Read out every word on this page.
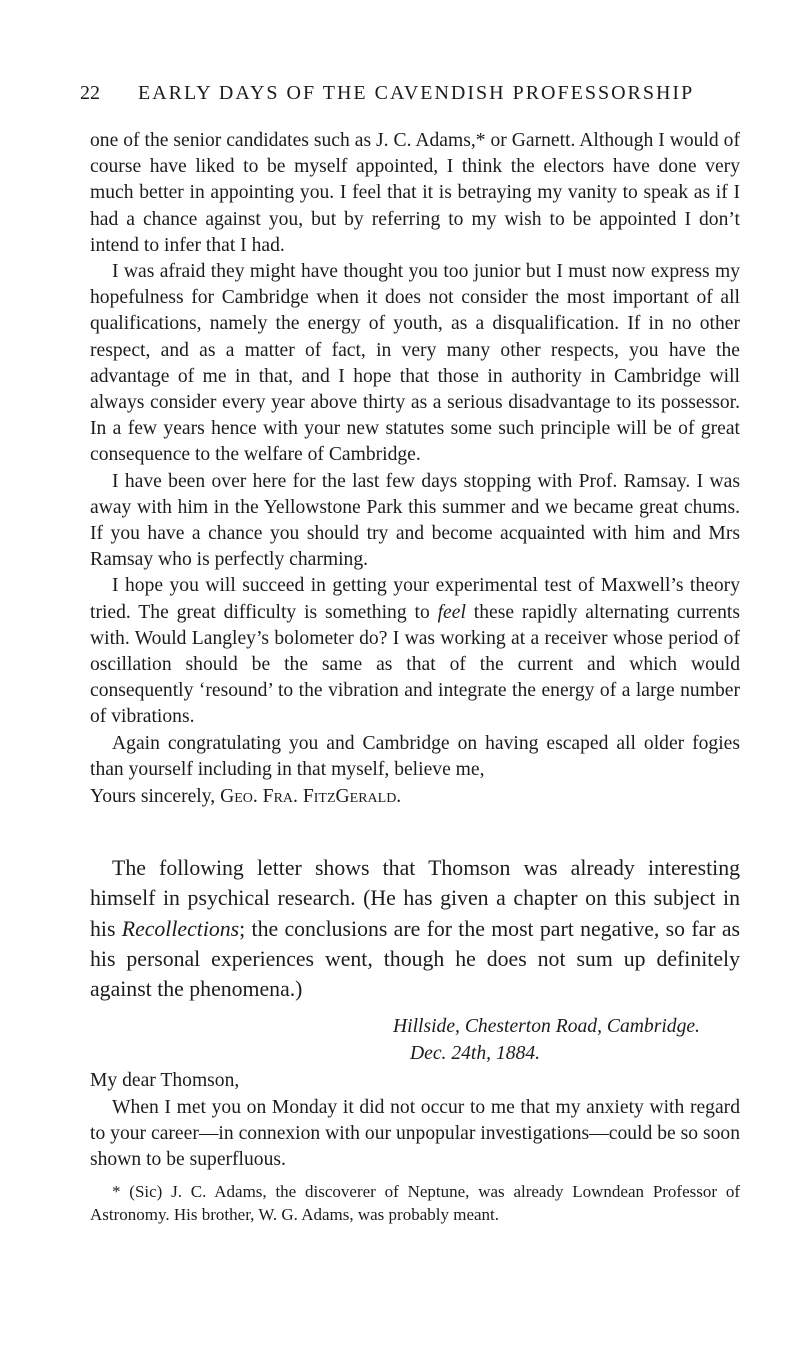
22 EARLY DAYS OF THE CAVENDISH PROFESSORSHIP

one of the senior candidates such as J. C. Adams,* or Garnett. Although I would of course have liked to be myself appointed, I think the electors have done very much better in appointing you. I feel that it is betraying my vanity to speak as if I had a chance against you, but by referring to my wish to be appointed I don’t intend to infer that I had.

I was afraid they might have thought you too junior but I must now express my hopefulness for Cambridge when it does not consider the most important of all qualifications, namely the energy of youth, as a disqualification. If in no other respect, and as a matter of fact, in very many other respects, you have the advantage of me in that, and I hope that those in authority in Cambridge will always consider every year above thirty as a serious disadvantage to its possessor. In a few years hence with your new statutes some such principle will be of great consequence to the welfare of Cambridge.

I have been over here for the last few days stopping with Prof. Ramsay. I was away with him in the Yellowstone Park this summer and we became great chums. If you have a chance you should try and become acquainted with him and Mrs Ramsay who is perfectly charming.

I hope you will succeed in getting your experimental test of Maxwell’s theory tried. The great difficulty is something to feel these rapidly alternating currents with. Would Langley’s bolometer do? I was working at a receiver whose period of oscillation should be the same as that of the current and which would consequently ‘resound’ to the vibration and integrate the energy of a large number of vibrations.

Again congratulating you and Cambridge on having escaped all older fogies than yourself including in that myself, believe me,

Yours sincerely, Geo. Fra. FitzGerald.

The following letter shows that Thomson was already interesting himself in psychical research. (He has given a chapter on this subject in his Recollections; the conclusions are for the most part negative, so far as his personal experiences went, though he does not sum up definitely against the phenomena.)

Hillside, Chesterton Road, Cambridge.
Dec. 24th, 1884.
My dear Thomson,

When I met you on Monday it did not occur to me that my anxiety with regard to your career—in connexion with our unpopular investigations—could be so soon shown to be superfluous.

* (Sic) J. C. Adams, the discoverer of Neptune, was already Lowndean Professor of Astronomy. His brother, W. G. Adams, was probably meant.
